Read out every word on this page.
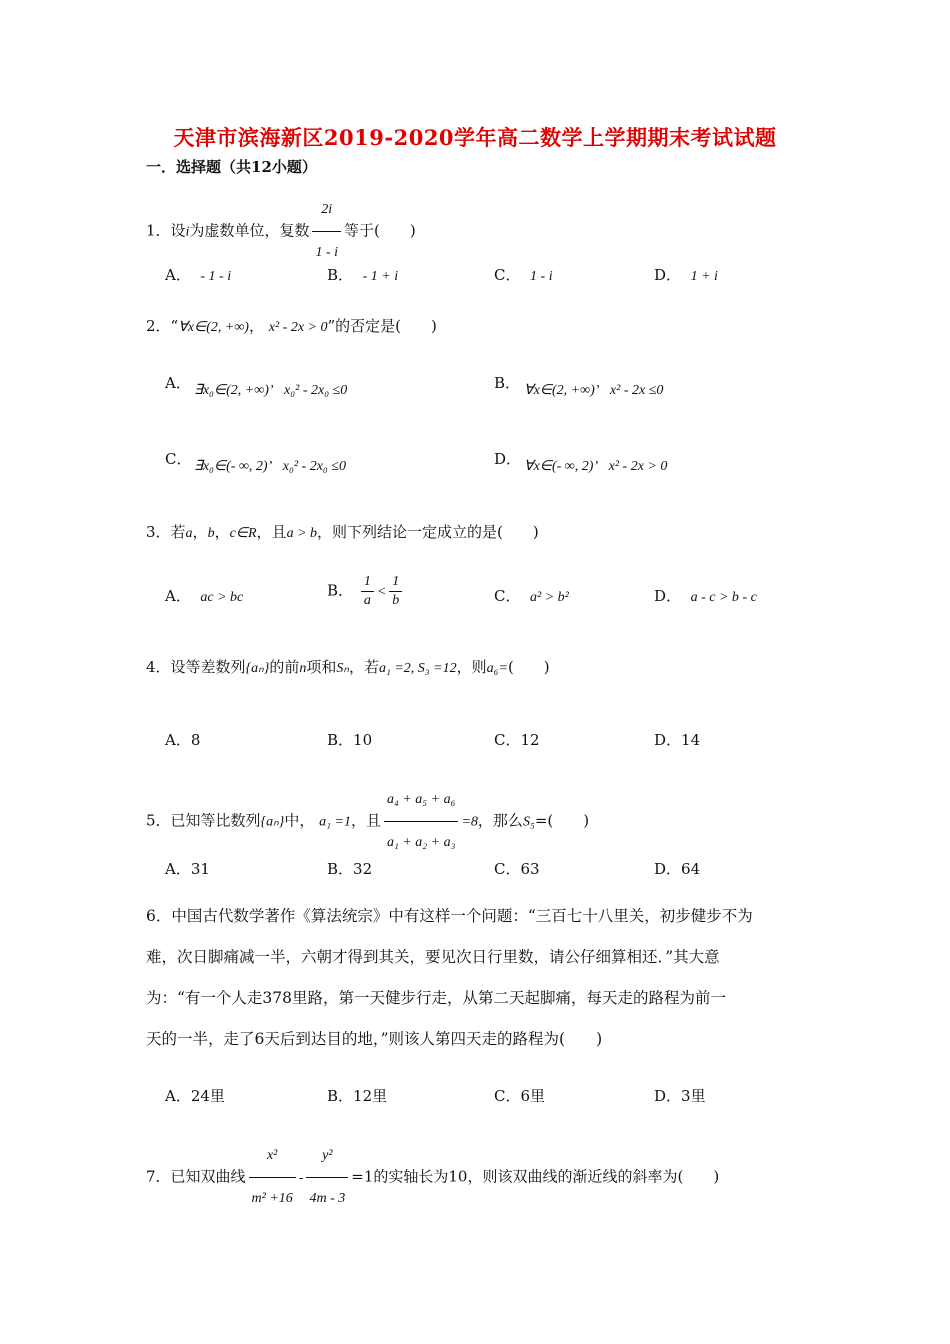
天津市滨海新区2019-2020学年高二数学上学期期末考试试题
一．选择题（共12小题）
1．设i为虚数单位，复数 $\frac{2i}{1 - i}$ 等于(　　)
A． - 1 - i	B． - 1 + i	C． 1 - i	D． 1 + i
2．“∀x∈(2, +∞)， x² - 2x > 0”的否定是(　　)
A． ∃x₀∈(2, +∞)’ x₀² - 2x₀ ≤0	B． ∀x∈(2, +∞)’ x² - 2x ≤0
C． ∃x₀∈(- ∞, 2)’ x₀² - 2x₀ ≤0	D． ∀x∈(- ∞, 2)’ x² - 2x > 0
3．若a，b，c∈R，且a > b，则下列结论一定成立的是(　　)
A． ac > bc	B． $\frac{1}{a} < \frac{1}{b}$	C． a² > b²	D． a - c > b - c
4．设等差数列{aₙ}的前n项和Sₙ，若a₁ =2, S₃ =12，则a₆=(　　)
A．8	B．10	C．12	D．14
5．已知等比数列{aₙ}中， a₁ =1，且 $\frac{\text{a₄ + a₅ + a₆}}{\text{a₁ + a₂ + a₃}} =8$，那么S₅=(　　)
A．31	B．32	C．63	D．64
6．中国古代数学著作《算法统宗》中有这样一个问题：“三百七十八里关，初步健步不为
难，次日脚痛减一半，六朝才得到其关，要见次日行里数，请公仔细算相还．”其大意
为：“有一个人走378里路，第一天健步行走，从第二天起脚痛，每天走的路程为前一
天的一半，走了6天后到达目的地，”则该人第四天走的路程为(　　)
A．24里	B．12里	C．6里	D．3里
7．已知双曲线 $\frac{\text{x²}}{\text{m² +16}} - \frac{\text{y²}}{4m - 3} =1$的实轴长为10，则该双曲线的渐近线的斜率为(　　)
